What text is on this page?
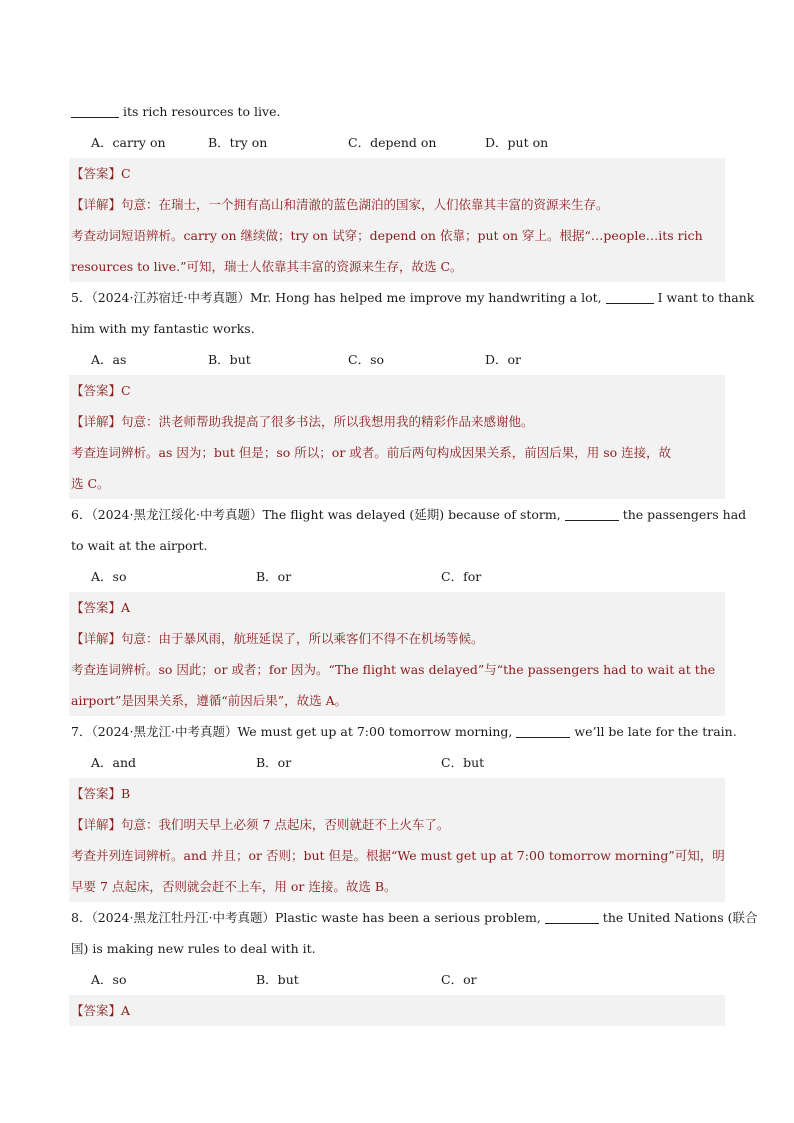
its rich resources to live.
A．carry on	B．try on	C．depend on	D．put on
【答案】C
【详解】句意：在瑞士，一个拥有高山和清澈的蓝色湖泊的国家，人们依靠其丰富的资源来生存。
考查动词短语辨析。carry on 继续做；try on 试穿；depend on 依靠；put on 穿上。根据“…people…its rich
resources to live.”可知，瑞士人依靠其丰富的资源来生存，故选 C。
5．（2024·江苏宿迁·中考真题）Mr. Hong has helped me improve my handwriting a lot,	I want to thank
him with my fantastic works.
A．as	B．but	C．so	D．or
【答案】C
【详解】句意：洪老师帮助我提高了很多书法，所以我想用我的精彩作品来感谢他。
考查连词辨析。as 因为；but 但是；so 所以；or 或者。前后两句构成因果关系，前因后果，用 so 连接，故
选 C。
6．（2024·黑龙江绥化·中考真题）The flight was delayed (延期) because of storm,	the passengers had
to wait at the airport.
A．so	B．or	C．for
【答案】A
【详解】句意：由于暴风雨，航班延误了，所以乘客们不得不在机场等候。
考查连词辨析。so 因此；or 或者；for 因为。“The flight was delayed”与“the passengers had to wait at the
airport”是因果关系，遵循“前因后果”，故选 A。
7．（2024·黑龙江·中考真题）We must get up at 7:00 tomorrow morning,	we’ll be late for the train.
A．and	B．or	C．but
【答案】B
【详解】句意：我们明天早上必须 7 点起床，否则就赶不上火车了。
考查并列连词辨析。and 并且；or 否则；but 但是。根据“We must get up at 7:00 tomorrow morning”可知，明
早要 7 点起床，否则就会赶不上车，用 or 连接。故选 B。
8．（2024·黑龙江牡丹江·中考真题）Plastic waste has been a serious problem,	the United Nations (联合
国) is making new rules to deal with it.
A．so	B．but	C．or
【答案】A
